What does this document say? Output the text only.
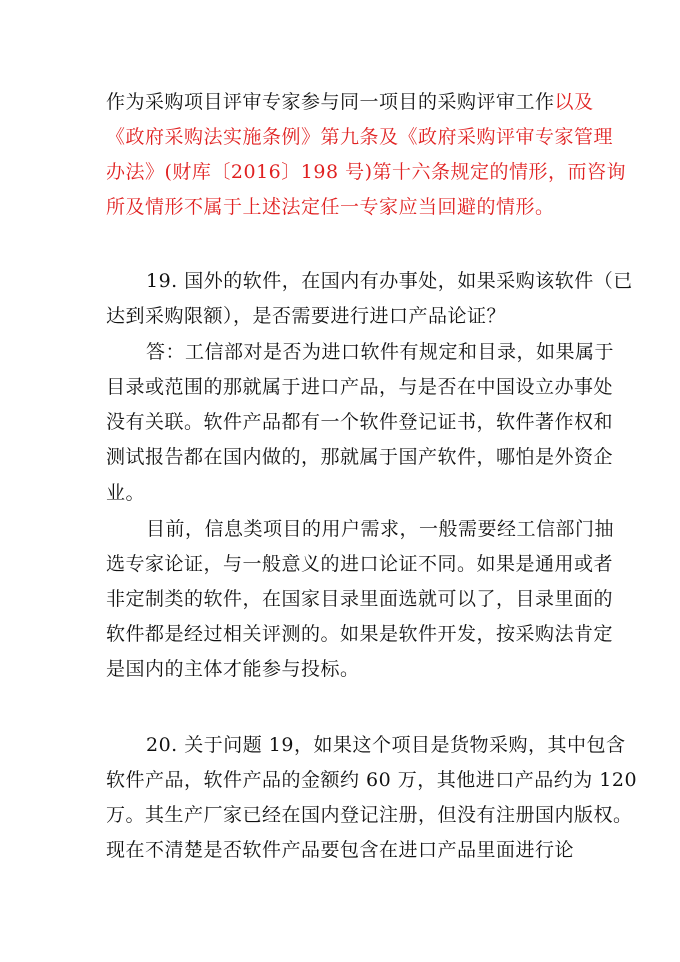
作为采购项目评审专家参与同一项目的采购评审工作以及
《政府采购法实施条例》第九条及《政府采购评审专家管理
办法》(财库〔2016〕198 号)第十六条规定的情形，而咨询
所及情形不属于上述法定任一专家应当回避的情形。
19. 国外的软件，在国内有办事处，如果采购该软件（已
达到采购限额），是否需要进行进口产品论证？
答：工信部对是否为进口软件有规定和目录，如果属于
目录或范围的那就属于进口产品，与是否在中国设立办事处
没有关联。软件产品都有一个软件登记证书，软件著作权和
测试报告都在国内做的，那就属于国产软件，哪怕是外资企
业。
目前，信息类项目的用户需求，一般需要经工信部门抽
选专家论证，与一般意义的进口论证不同。如果是通用或者
非定制类的软件，在国家目录里面选就可以了，目录里面的
软件都是经过相关评测的。如果是软件开发，按采购法肯定
是国内的主体才能参与投标。
20. 关于问题 19，如果这个项目是货物采购，其中包含
软件产品，软件产品的金额约 60 万，其他进口产品约为 120
万。其生产厂家已经在国内登记注册，但没有注册国内版权。
现在不清楚是否软件产品要包含在进口产品里面进行论
